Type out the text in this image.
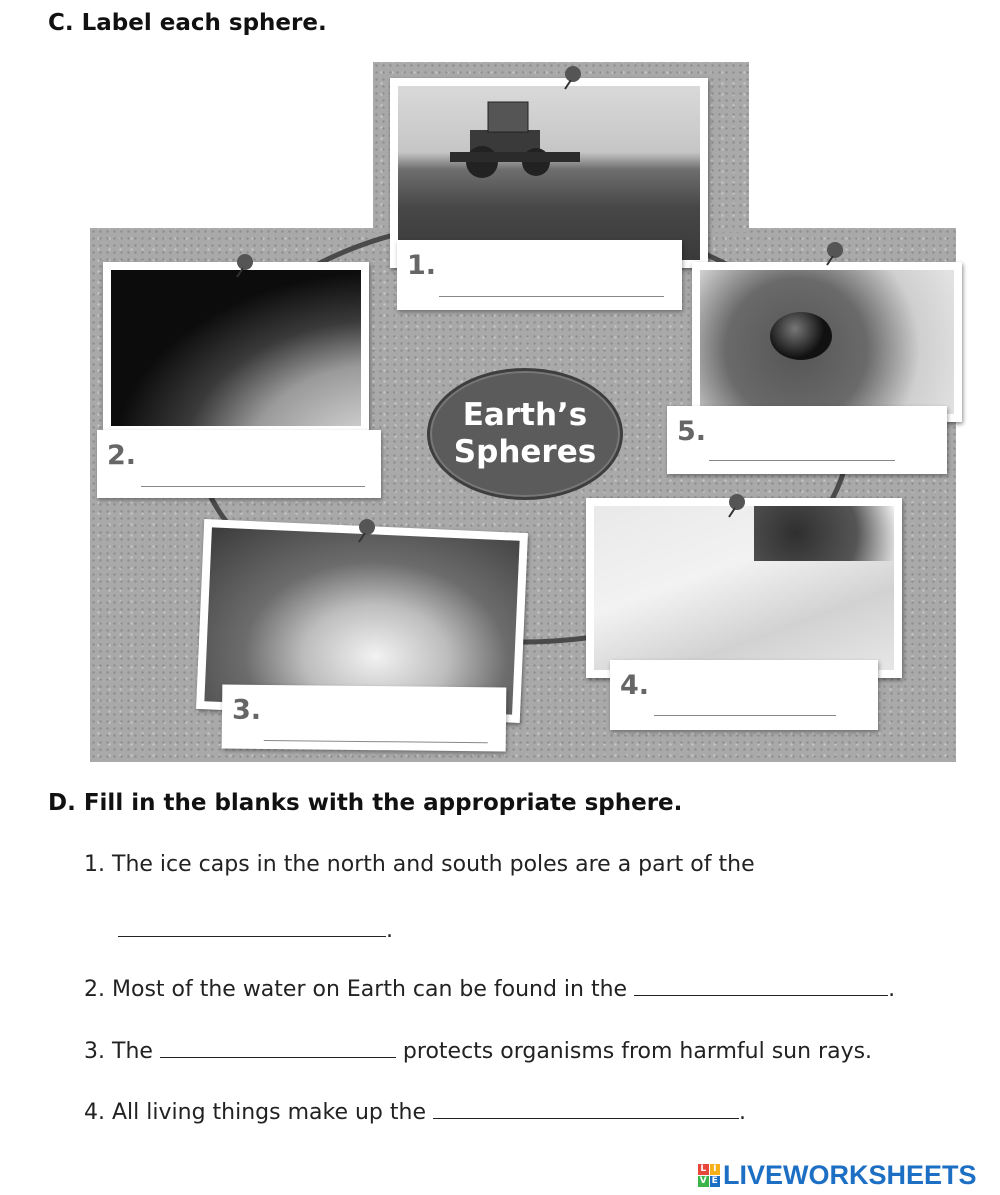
C. Label each sphere.
Earth’s
Spheres
1.
2.
3.
4.
5.
D. Fill in the blanks with the appropriate sphere.

1. The ice caps in the north and south poles are a part of the

.

2. Most of the water on Earth can be found in the	.

3. The	protects organisms from harmful sun rays.

4. All living things make up the	.

L I
V E LIVEWORKSHEETS
